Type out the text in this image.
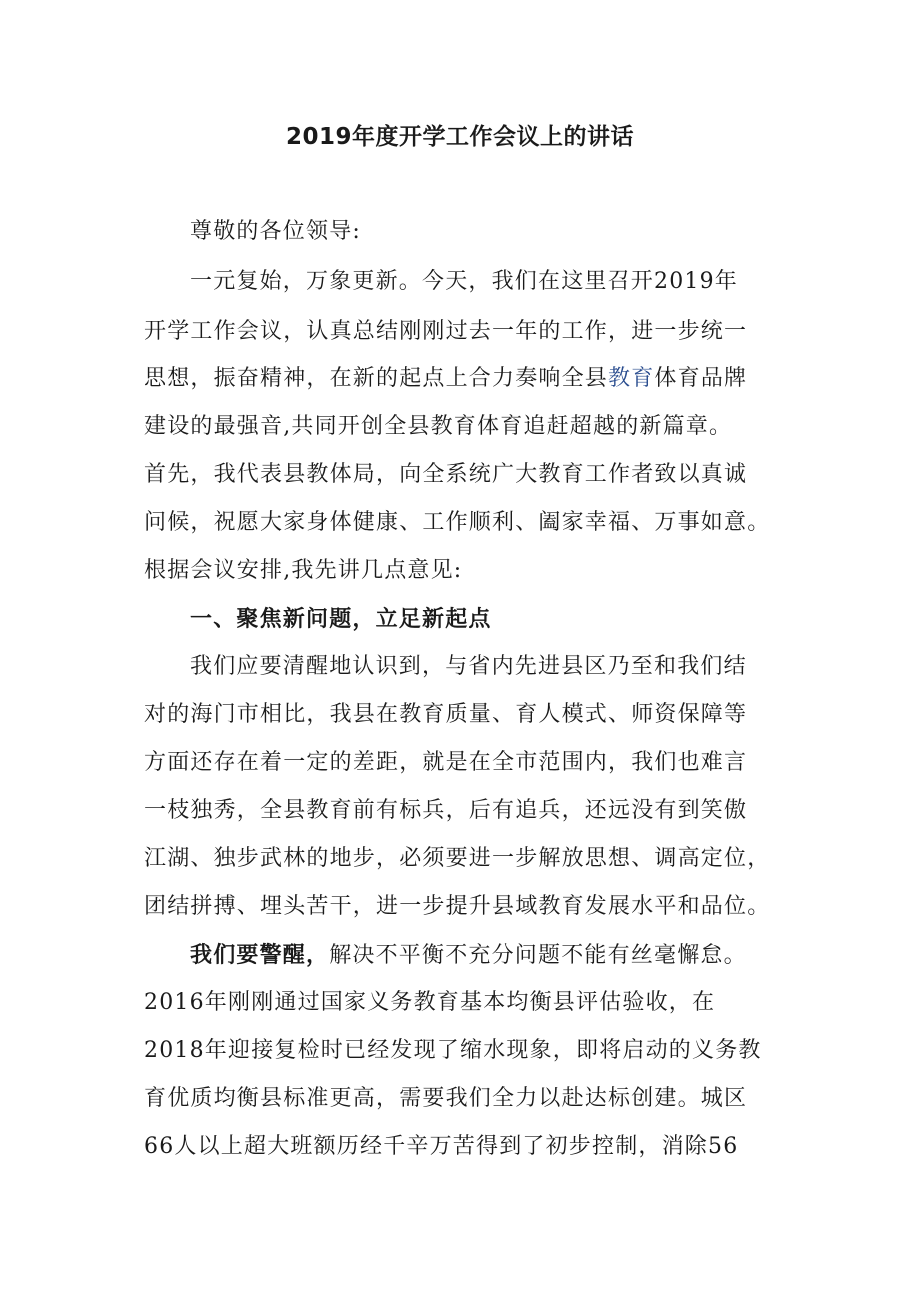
2019年度开学工作会议上的讲话
尊敬的各位领导:
一元复始，万象更新。今天，我们在这里召开2019年
开学工作会议，认真总结刚刚过去一年的工作，进一步统一
思想，振奋精神，在新的起点上合力奏响全县教育体育品牌
建设的最强音,共同开创全县教育体育追赶超越的新篇章。
首先，我代表县教体局，向全系统广大教育工作者致以真诚
问候，祝愿大家身体健康、工作顺利、阖家幸福、万事如意。
根据会议安排,我先讲几点意见:
一、聚焦新问题，立足新起点
我们应要清醒地认识到，与省内先进县区乃至和我们结
对的海门市相比，我县在教育质量、育人模式、师资保障等
方面还存在着一定的差距，就是在全市范围内，我们也难言
一枝独秀，全县教育前有标兵，后有追兵，还远没有到笑傲
江湖、独步武林的地步，必须要进一步解放思想、调高定位，
团结拼搏、埋头苦干，进一步提升县域教育发展水平和品位。
我们要警醒，解决不平衡不充分问题不能有丝毫懈怠。
2016年刚刚通过国家义务教育基本均衡县评估验收，在
2018年迎接复检时已经发现了缩水现象，即将启动的义务教
育优质均衡县标准更高，需要我们全力以赴达标创建。城区
66人以上超大班额历经千辛万苦得到了初步控制，消除56
